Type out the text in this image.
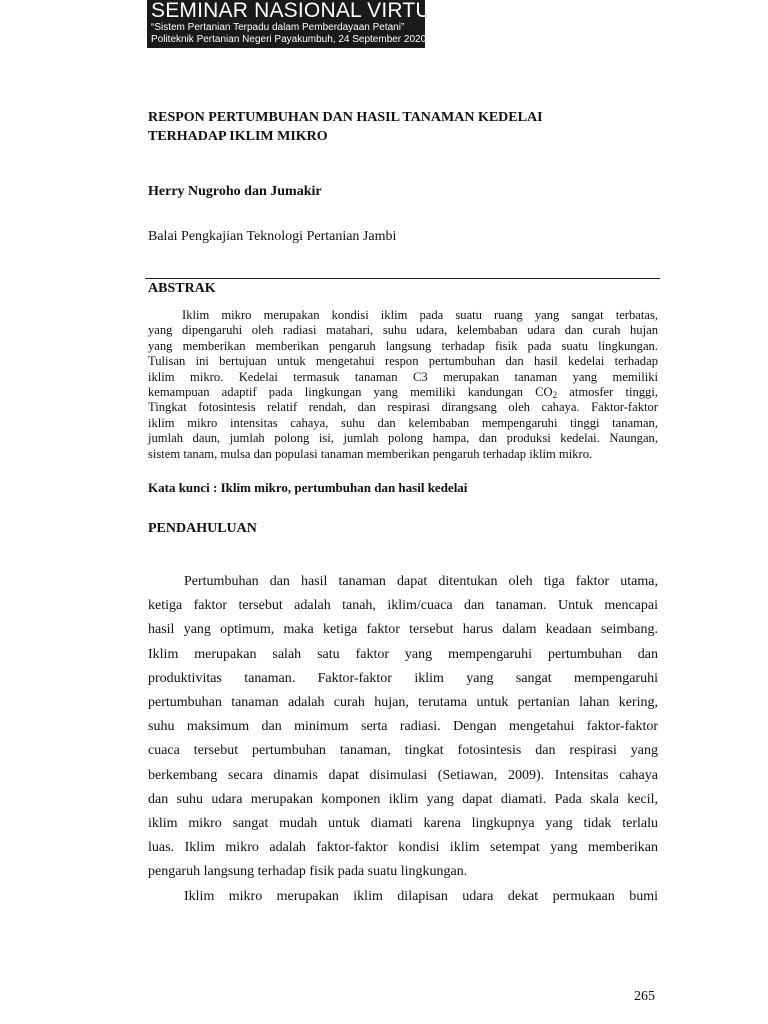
SEMINAR NASIONAL VIRTUAL
“Sistem Pertanian Terpadu dalam Pemberdayaan Petani”
Politeknik Pertanian Negeri Payakumbuh, 24 September 2020
RESPON PERTUMBUHAN DAN HASIL TANAMAN KEDELAI
TERHADAP IKLIM MIKRO
Herry Nugroho dan Jumakir
Balai Pengkajian Teknologi Pertanian Jambi
ABSTRAK
Iklim mikro merupakan kondisi iklim pada suatu ruang yang sangat terbatas,
yang dipengaruhi oleh radiasi matahari, suhu udara, kelembaban udara dan curah hujan
yang memberikan memberikan pengaruh langsung terhadap fisik pada suatu lingkungan.
Tulisan ini bertujuan untuk mengetahui respon pertumbuhan dan hasil kedelai terhadap
iklim mikro. Kedelai termasuk tanaman C3 merupakan tanaman yang memiliki
kemampuan adaptif pada lingkungan yang memiliki kandungan $CO_2$ atmosfer tinggi,
Tingkat fotosintesis relatif rendah, dan respirasi dirangsang oleh cahaya. Faktor-faktor
iklim mikro intensitas cahaya, suhu dan kelembaban mempengaruhi tinggi tanaman,
jumlah daun, jumlah polong isi, jumlah polong hampa, dan produksi kedelai. Naungan,
sistem tanam, mulsa dan populasi tanaman memberikan pengaruh terhadap iklim mikro.
Kata kunci : Iklim mikro, pertumbuhan dan hasil kedelai
PENDAHULUAN
Pertumbuhan dan hasil tanaman dapat ditentukan oleh tiga faktor utama,
ketiga faktor tersebut adalah tanah, iklim/cuaca dan tanaman. Untuk mencapai
hasil yang optimum, maka ketiga faktor tersebut harus dalam keadaan seimbang.
Iklim merupakan salah satu faktor yang mempengaruhi pertumbuhan dan
produktivitas tanaman. Faktor-faktor iklim yang sangat mempengaruhi
pertumbuhan tanaman adalah curah hujan, terutama untuk pertanian lahan kering,
suhu maksimum dan minimum serta radiasi. Dengan mengetahui faktor-faktor
cuaca tersebut pertumbuhan tanaman, tingkat fotosintesis dan respirasi yang
berkembang secara dinamis dapat disimulasi (Setiawan, 2009). Intensitas cahaya
dan suhu udara merupakan komponen iklim yang dapat diamati. Pada skala kecil,
iklim mikro sangat mudah untuk diamati karena lingkupnya yang tidak terlalu
luas. Iklim mikro adalah faktor-faktor kondisi iklim setempat yang memberikan
pengaruh langsung terhadap fisik pada suatu lingkungan.
Iklim mikro merupakan iklim dilapisan udara dekat permukaan bumi
265
